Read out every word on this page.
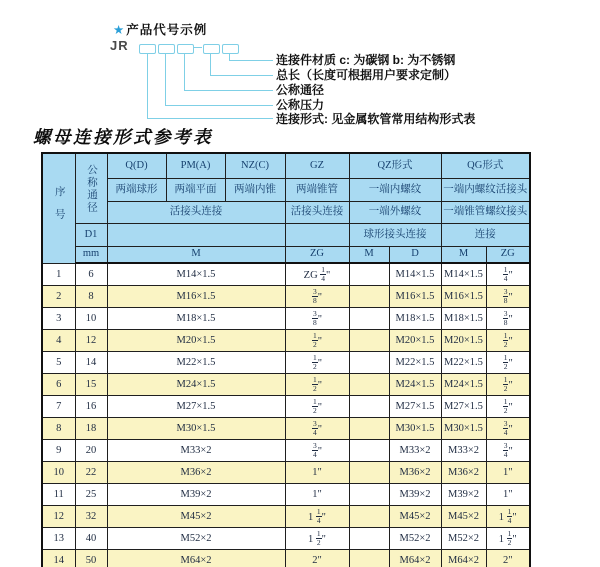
★产品代号示例
JR
连接件材质 c: 为碳钢 b: 为不锈钢
总长（长度可根据用户要求定制）
公称通径
公称压力
连接形式: 见金属软管常用结构形式表
螺母连接形式参考表
序号	公称通径	Q(D)	PM(A)	NZ(C)	GZ	QZ形式		QG形式	
		两端球形	两端平面	两端内锥	两端锥管	一端内螺纹		一端内螺纹活接头	
		活接头连接			活接头连接	一端外螺纹		一端锥管螺纹接头	
	D1					球形接头连接		连接	
	mm	M			ZG	M	D	M	ZG
1	6	M14×1.5			ZG $\frac{1}{4}$ "		M14×1.5	M14×1.5	$\frac{1}{4}$ "
2	8	M16×1.5			$\frac{3}{8}$ "		M16×1.5	M16×1.5	$\frac{3}{8}$ "
3	10	M18×1.5			$\frac{3}{8}$ "		M18×1.5	M18×1.5	$\frac{3}{8}$ "
4	12	M20×1.5			$\frac{1}{2}$ "		M20×1.5	M20×1.5	$\frac{1}{2}$ "
5	14	M22×1.5			$\frac{1}{2}$ "		M22×1.5	M22×1.5	$\frac{1}{2}$ "
6	15	M24×1.5			$\frac{1}{2}$ "		M24×1.5	M24×1.5	$\frac{1}{2}$ "
7	16	M27×1.5			$\frac{1}{2}$ "		M27×1.5	M27×1.5	$\frac{1}{2}$ "
8	18	M30×1.5			$\frac{3}{4}$ "		M30×1.5	M30×1.5	$\frac{3}{4}$ "
9	20	M33×2			$\frac{3}{4}$ "		M33×2	M33×2	$\frac{3}{4}$ "
10	22	M36×2			1"		M36×2	M36×2	1"
11	25	M39×2			1"		M39×2	M39×2	1"
12	32	M45×2			$1 \frac{1}{4}$ "		M45×2	M45×2	$1 \frac{1}{4}$ "
13	40	M52×2			$1 \frac{1}{2}$ "		M52×2	M52×2	$1 \frac{1}{2}$ "
14	50	M64×2			2"		M64×2	M64×2	2"
